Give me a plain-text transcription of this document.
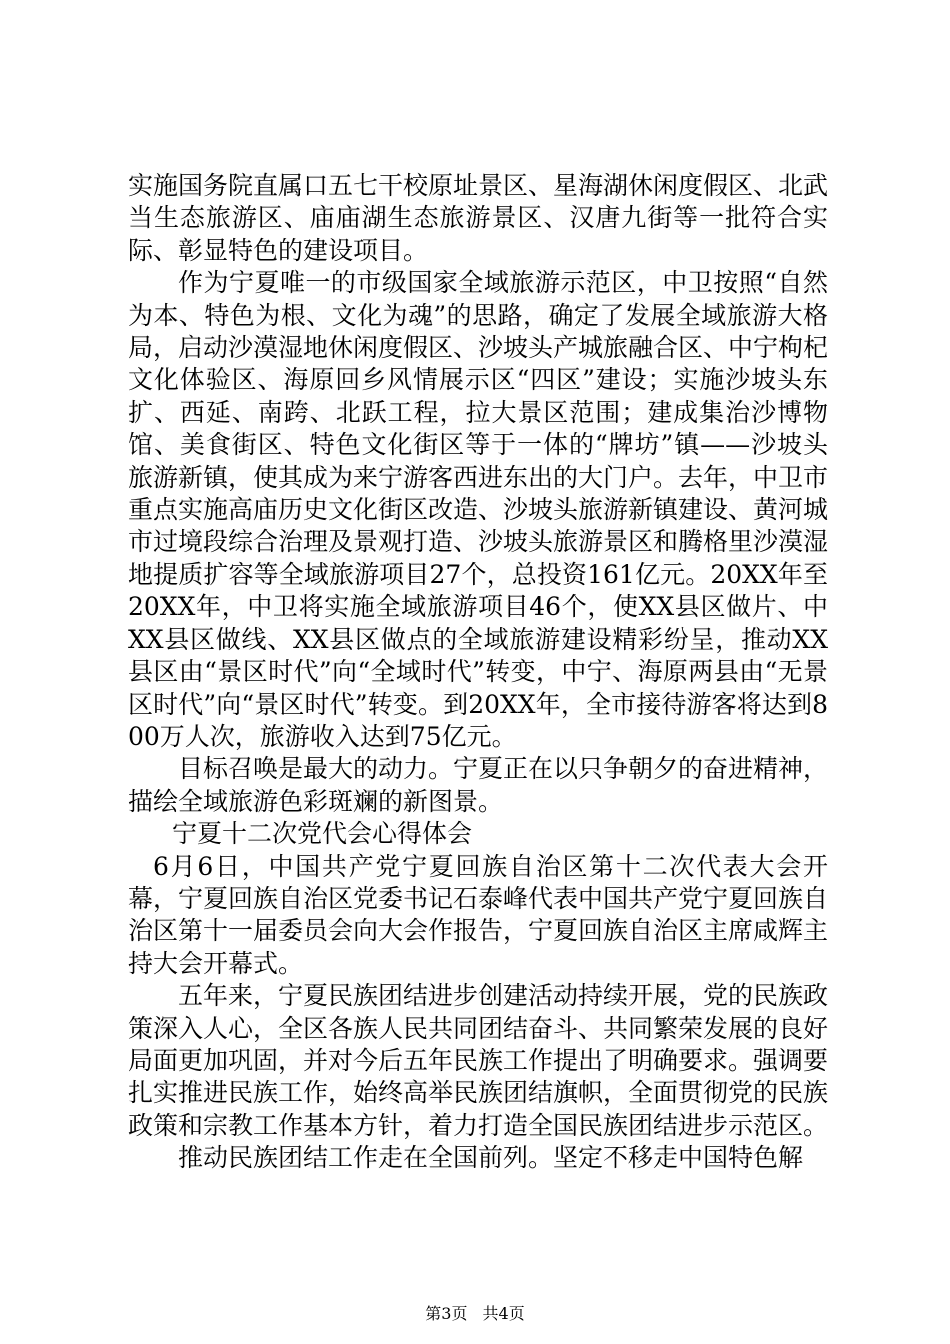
实施国务院直属口五七干校原址景区、星海湖休闲度假区、北武当生态旅游区、庙庙湖生态旅游景区、汉唐九街等一批符合实际、彰显特色的建设项目。

作为宁夏唯一的市级国家全域旅游示范区，中卫按照“自然为本、特色为根、文化为魂”的思路，确定了发展全域旅游大格局，启动沙漠湿地休闲度假区、沙坡头产城旅融合区、中宁枸杞文化体验区、海原回乡风情展示区“四区”建设；实施沙坡头东扩、西延、南跨、北跃工程，拉大景区范围；建成集治沙博物馆、美食街区、特色文化街区等于一体的“牌坊”镇——沙坡头旅游新镇，使其成为来宁游客西进东出的大门户。去年，中卫市重点实施高庙历史文化街区改造、沙坡头旅游新镇建设、黄河城市过境段综合治理及景观打造、沙坡头旅游景区和腾格里沙漠湿地提质扩容等全域旅游项目27个，总投资161亿元。20XX年至20XX年，中卫将实施全域旅游项目46个，使XX县区做片、中XX县区做线、XX县区做点的全域旅游建设精彩纷呈，推动XX县区由“景区时代”向“全域时代”转变，中宁、海原两县由“无景区时代”向“景区时代”转变。到20XX年，全市接待游客将达到800万人次，旅游收入达到75亿元。

目标召唤是最大的动力。宁夏正在以只争朝夕的奋进精神，描绘全域旅游色彩斑斓的新图景。

宁夏十二次党代会心得体会

6月6日，中国共产党宁夏回族自治区第十二次代表大会开幕，宁夏回族自治区党委书记石泰峰代表中国共产党宁夏回族自治区第十一届委员会向大会作报告，宁夏回族自治区主席咸辉主持大会开幕式。

五年来，宁夏民族团结进步创建活动持续开展，党的民族政策深入人心，全区各族人民共同团结奋斗、共同繁荣发展的良好局面更加巩固，并对今后五年民族工作提出了明确要求。强调要扎实推进民族工作，始终高举民族团结旗帜，全面贯彻党的民族政策和宗教工作基本方针，着力打造全国民族团结进步示范区。

推动民族团结工作走在全国前列。坚定不移走中国特色解

第3页 共4页
